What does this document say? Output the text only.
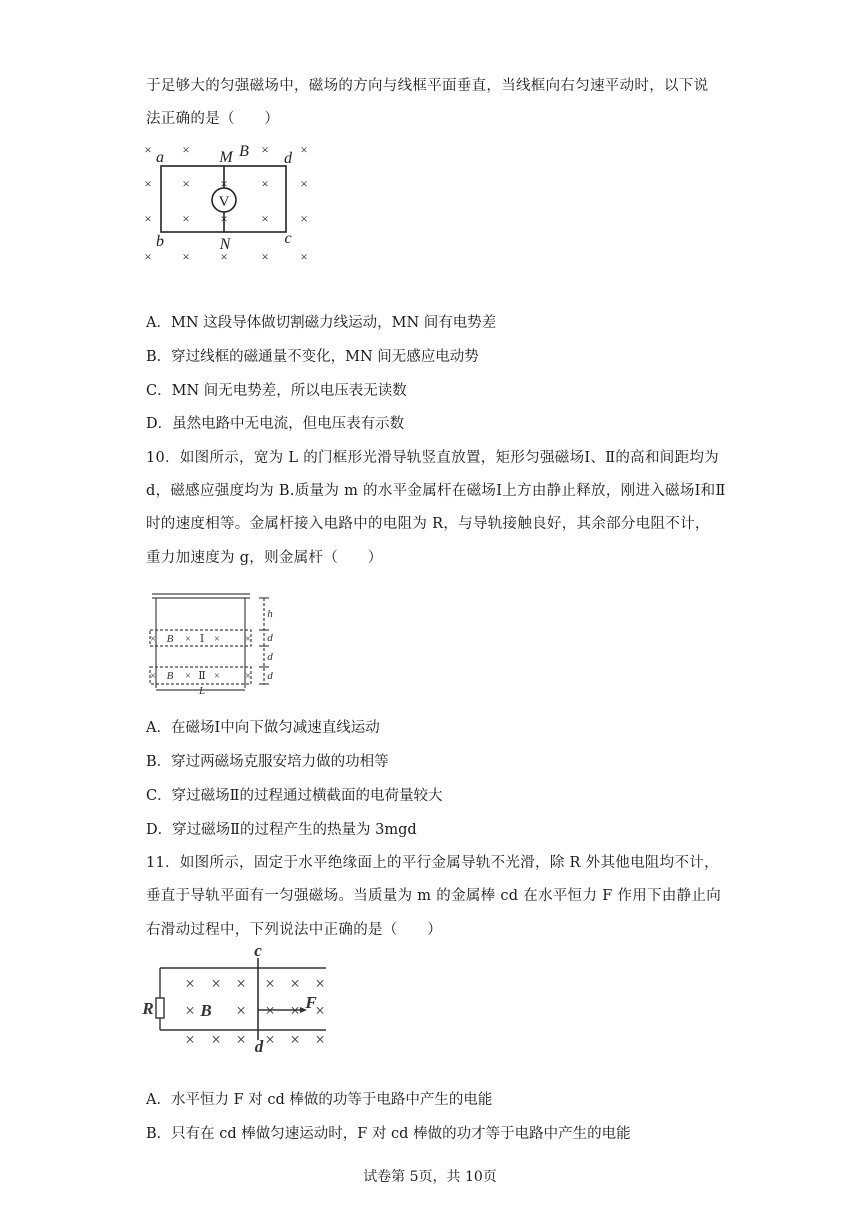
于足够大的匀强磁场中，磁场的方向与线框平面垂直，当线框向右匀速平动时，以下说
法正确的是（　　）
× ×	× ×
× × ×	× ×
× × ×	× ×
× × ×	× ×
a	M B d
b	N	c
V
A．MN 这段导体做切割磁力线运动，MN 间有电势差
B．穿过线框的磁通量不变化，MN 间无感应电动势
C．MN 间无电势差，所以电压表无读数
D．虽然电路中无电流，但电压表有示数
10．如图所示，宽为 L 的门框形光滑导轨竖直放置，矩形匀强磁场Ⅰ、Ⅱ的高和间距均为
d，磁感应强度均为 B.质量为 m 的水平金属杆在磁场Ⅰ上方由静止释放，刚进入磁场Ⅰ和Ⅱ
时的速度相等。金属杆接入电路中的电阻为 R，与导轨接触良好，其余部分电阻不计，
重力加速度为 g，则金属杆（　　）
×	× ×	×
×	× ×	×
B
B
h
d
d
d
L
Ⅰ
Ⅱ
A．在磁场Ⅰ中向下做匀减速直线运动
B．穿过两磁场克服安培力做的功相等
C．穿过磁场Ⅱ的过程通过横截面的电荷量较大
D．穿过磁场Ⅱ的过程产生的热量为 3mgd
11．如图所示，固定于水平绝缘面上的平行金属导轨不光滑，除 R 外其他电阻均不计，
垂直于导轨平面有一匀强磁场。当质量为 m 的金属棒 cd 在水平恒力 F 作用下由静止向
右滑动过程中，下列说法中正确的是（　　）
× × × × × ×
× × × × ×
× × × × × ×
c
d
R	B	F
A．水平恒力 F 对 cd 棒做的功等于电路中产生的电能
B．只有在 cd 棒做匀速运动时，F 对 cd 棒做的功才等于电路中产生的电能
试卷第 5页，共 10页
